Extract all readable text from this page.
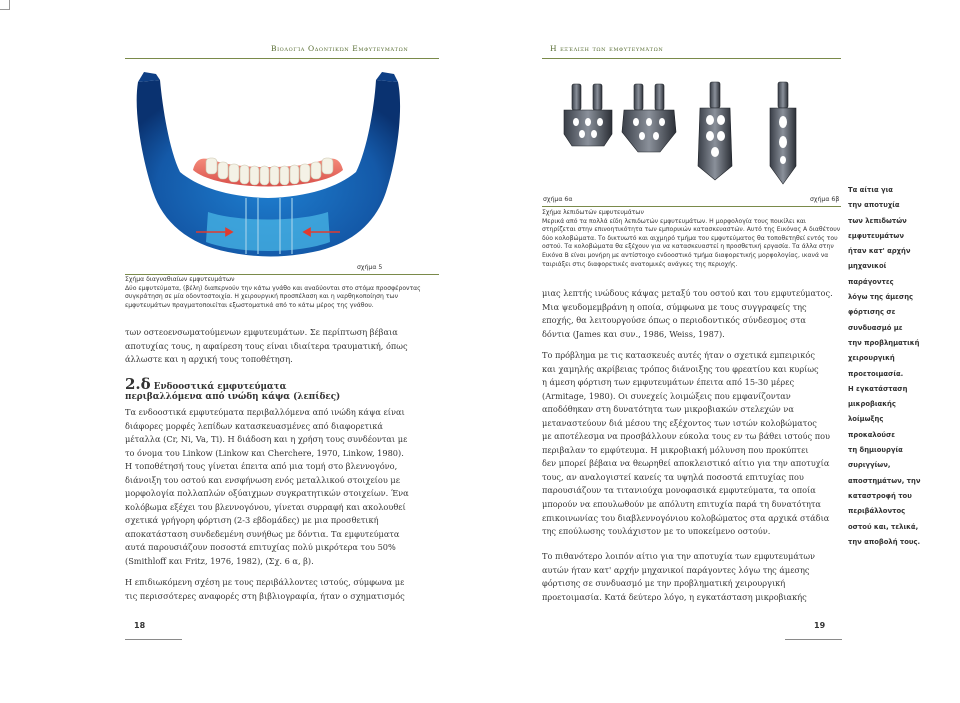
Βιολογία Οδοντικών Εμφυτευμάτων
σχήμα 5
Σχήμα διαγναθιαίων εμφυτευμάτων
Δύο εμφυτεύματα, (βέλη) διαπερνούν την κάτω γνάθο και αναδύονται στο στόμα προσφέροντας
συγκράτηση σε μία οδοντοστοιχία. Η χειρουργική προσπέλαση και η ναρθηκοποίηση των
εμφυτευμάτων πραγματοποιείται εξωστοματικά από το κάτω μέρος της γνάθου.
των οστεοενσωματούμενων εμφυτευμάτων. Σε περίπτωση βέβαια
αποτυχίας τους, η αφαίρεση τους είναι ιδιαίτερα τραυματική, όπως
άλλωστε και η αρχική τους τοποθέτηση.
2.δ Ενδοοστικά εμφυτεύματα
περιβαλλόμενα από ινώδη κάψα (λεπίδες)
Τα ενδοοστικά εμφυτεύματα περιβαλλόμενα από ινώδη κάψα είναι
διάφορες μορφές λεπίδων κατασκευασμένες από διαφορετικά
μέταλλα (Cr, Ni, Va, Ti). Η διάδοση και η χρήση τους συνδέονται με
το όνομα του Linkow (Linkow και Cherchere, 1970, Linkow, 1980).
Η τοποθέτησή τους γίνεται έπειτα από μια τομή στο βλεννογόνο,
διάνοιξη του οστού και ενσφήνωση ενός μεταλλικού στοιχείου με
μορφολογία πολλαπλών οξύαιχμων συγκρατητικών στοιχείων. Ένα
κολόβωμα εξέχει του βλεννογόνου, γίνεται συρραφή και ακολουθεί
σχετικά γρήγορη φόρτιση (2-3 εβδομάδες) με μια προσθετική
αποκατάσταση συνδεδεμένη συνήθως με δόντια. Τα εμφυτεύματα
αυτά παρουσιάζουν ποσοστά επιτυχίας πολύ μικρότερα του 50%
(Smithloff και Fritz, 1976, 1982), (Σχ. 6 α, β).
Η επιδιωκόμενη σχέση με τους περιβάλλοντες ιστούς, σύμφωνα με
τις περισσότερες αναφορές στη βιβλιογραφία, ήταν ο σχηματισμός
18
Η εξέλιξη των εμφυτευμάτων
σχήμα 6α	σχήμα 6β
Σχήμα λεπιδωτών εμφυτευμάτων
Μερικά από τα πολλά είδη λεπιδωτών εμφυτευμάτων. Η μορφολογία τους ποικίλει και
στηρίζεται στην επινοητικότητα των εμπορικών κατασκευαστών. Αυτό της Εικόνας Α διαθέτουν
δύο κολοβώματα. Το δικτυωτό και αιχμηρό τμήμα του εμφυτεύματος θα τοποθετηθεί εντός του
οστού. Τα κολοβώματα θα εξέχουν για να κατασκευαστεί η προσθετική εργασία. Τα άλλα στην
Εικόνα Β είναι μονήρη με αντίστοιχο ενδοοστικό τμήμα διαφορετικής μορφολογίας, ικανά να
ταιριάξει στις διαφορετικές ανατομικές ανάγκες της περιοχής.
μιας λεπτής ινώδους κάψας μεταξύ του οστού και του εμφυτεύματος.
Μια ψευδομεμβράνη η οποία, σύμφωνα με τους συγγραφείς της
εποχής, θα λειτουργούσε όπως ο περιοδοντικός σύνδεσμος στα
δόντια (James και συν., 1986, Weiss, 1987).
Το πρόβλημα με τις κατασκευές αυτές ήταν ο σχετικά εμπειρικός
και χαμηλής ακρίβειας τρόπος διάνοιξης του φρεατίου και κυρίως
η άμεση φόρτιση των εμφυτευμάτων έπειτα από 15-30 μέρες
(Armitage, 1980). Οι συνεχείς λοιμώξεις που εμφανίζονταν
αποδόθηκαν στη δυνατότητα των μικροβιακών στελεχών να
μεταναστεύουν διά μέσου της εξέχοντος των ιστών κολοβώματος
με αποτέλεσμα να προσβάλλουν εύκολα τους εν τω βάθει ιστούς που
περιβαλαν το εμφύτευμα. Η μικροβιακή μόλυνση που προκύπτει
δεν μπορεί βέβαια να θεωρηθεί αποκλειστικό αίτιο για την αποτυχία
τους, αν αναλογιστεί κανείς τα υψηλά ποσοστά επιτυχίας που
παρουσιάζουν τα τιτανιούχα μονοφασικά εμφυτεύματα, τα οποία
μπορούν να επουλωθούν με απόλυτη επιτυχία παρά τη δυνατότητα
επικοινωνίας του διαβλεννογόνιου κολοβώματος στα αρχικά στάδια
της επούλωσης τουλάχιστον με το υποκείμενο οστούν.
Το πιθανότερο λοιπόν αίτιο για την αποτυχία των εμφυτευμάτων
αυτών ήταν κατ' αρχήν μηχανικοί παράγοντες λόγω της άμεσης
φόρτισης σε συνδυασμό με την προβληματική χειρουργική
προετοιμασία. Κατά δεύτερο λόγο, η εγκατάσταση μικροβιακής
Τα αίτια για
την αποτυχία
των λεπιδωτών
εμφυτευμάτων
ήταν κατ' αρχήν
μηχανικοί
παράγοντες
λόγω της άμεσης
φόρτισης σε
συνδυασμό με
την προβληματική
χειρουργική
προετοιμασία.
Η εγκατάσταση
μικροβιακής
λοίμωξης
προκαλούσε
τη δημιουργία
συριγγίων,
αποστημάτων, την
καταστροφή του
περιβάλλοντος
οστού και, τελικά,
την αποβολή τους.
19
